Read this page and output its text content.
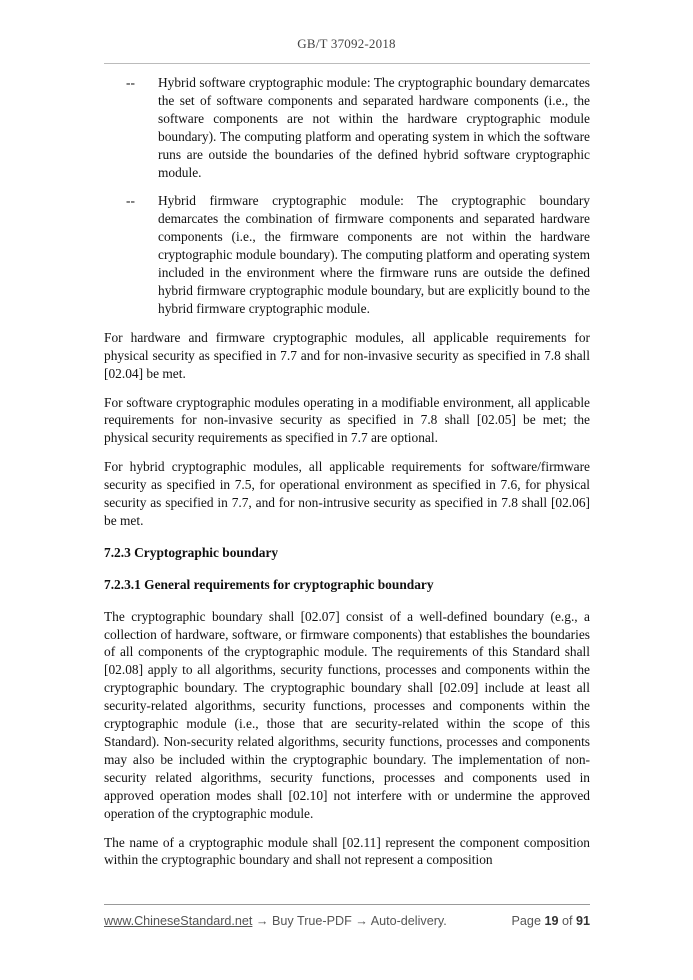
GB/T 37092-2018
-- Hybrid software cryptographic module: The cryptographic boundary demarcates the set of software components and separated hardware components (i.e., the software components are not within the hardware cryptographic module boundary). The computing platform and operating system in which the software runs are outside the boundaries of the defined hybrid software cryptographic module.
-- Hybrid firmware cryptographic module: The cryptographic boundary demarcates the combination of firmware components and separated hardware components (i.e., the firmware components are not within the hardware cryptographic module boundary). The computing platform and operating system included in the environment where the firmware runs are outside the defined hybrid firmware cryptographic module boundary, but are explicitly bound to the hybrid firmware cryptographic module.

For hardware and firmware cryptographic modules, all applicable requirements for physical security as specified in 7.7 and for non-invasive security as specified in 7.8 shall [02.04] be met.

For software cryptographic modules operating in a modifiable environment, all applicable requirements for non-invasive security as specified in 7.8 shall [02.05] be met; the physical security requirements as specified in 7.7 are optional.

For hybrid cryptographic modules, all applicable requirements for software/firmware security as specified in 7.5, for operational environment as specified in 7.6, for physical security as specified in 7.7, and for non-intrusive security as specified in 7.8 shall [02.06] be met.

7.2.3 Cryptographic boundary
7.2.3.1 General requirements for cryptographic boundary

The cryptographic boundary shall [02.07] consist of a well-defined boundary (e.g., a collection of hardware, software, or firmware components) that establishes the boundaries of all components of the cryptographic module. The requirements of this Standard shall [02.08] apply to all algorithms, security functions, processes and components within the cryptographic boundary. The cryptographic boundary shall [02.09] include at least all security-related algorithms, security functions, processes and components within the cryptographic module (i.e., those that are security-related within the scope of this Standard). Non-security related algorithms, security functions, processes and components may also be included within the cryptographic boundary. The implementation of non-security related algorithms, security functions, processes and components used in approved operation modes shall [02.10] not interfere with or undermine the approved operation of the cryptographic module.

The name of a cryptographic module shall [02.11] represent the component composition within the cryptographic boundary and shall not represent a composition

www.ChineseStandard.net → Buy True-PDF → Auto-delivery.	Page 19 of 91
